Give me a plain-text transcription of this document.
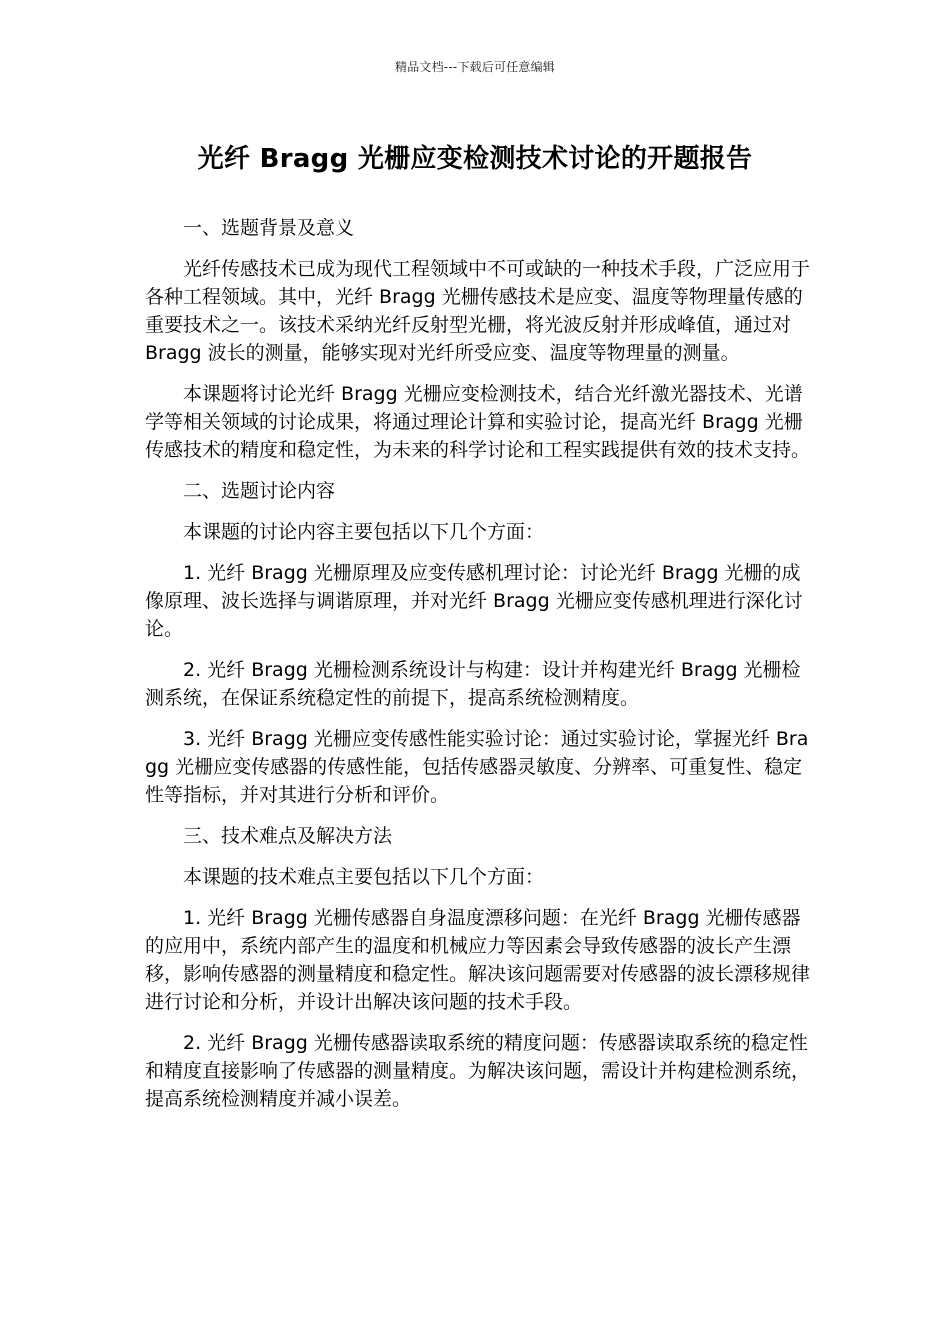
精品文档---下载后可任意编辑
光纤 Bragg 光栅应变检测技术讨论的开题报告

一、选题背景及意义

光纤传感技术已成为现代工程领域中不可或缺的一种技术手段，广泛应用于各种工程领域。其中，光纤 Bragg 光栅传感技术是应变、温度等物理量传感的重要技术之一。该技术采纳光纤反射型光栅，将光波反射并形成峰值，通过对 Bragg 波长的测量，能够实现对光纤所受应变、温度等物理量的测量。

本课题将讨论光纤 Bragg 光栅应变检测技术，结合光纤激光器技术、光谱学等相关领域的讨论成果，将通过理论计算和实验讨论，提高光纤 Bragg 光栅传感技术的精度和稳定性，为未来的科学讨论和工程实践提供有效的技术支持。

二、选题讨论内容

本课题的讨论内容主要包括以下几个方面：

1. 光纤 Bragg 光栅原理及应变传感机理讨论：讨论光纤 Bragg 光栅的成像原理、波长选择与调谐原理，并对光纤 Bragg 光栅应变传感机理进行深化讨论。

2. 光纤 Bragg 光栅检测系统设计与构建：设计并构建光纤 Bragg 光栅检测系统，在保证系统稳定性的前提下，提高系统检测精度。

3. 光纤 Bragg 光栅应变传感性能实验讨论：通过实验讨论，掌握光纤 Bragg 光栅应变传感器的传感性能，包括传感器灵敏度、分辨率、可重复性、稳定性等指标，并对其进行分析和评价。

三、技术难点及解决方法

本课题的技术难点主要包括以下几个方面：

1. 光纤 Bragg 光栅传感器自身温度漂移问题：在光纤 Bragg 光栅传感器的应用中，系统内部产生的温度和机械应力等因素会导致传感器的波长产生漂移，影响传感器的测量精度和稳定性。解决该问题需要对传感器的波长漂移规律进行讨论和分析，并设计出解决该问题的技术手段。

2. 光纤 Bragg 光栅传感器读取系统的精度问题：传感器读取系统的稳定性和精度直接影响了传感器的测量精度。为解决该问题，需设计并构建检测系统，提高系统检测精度并减小误差。
